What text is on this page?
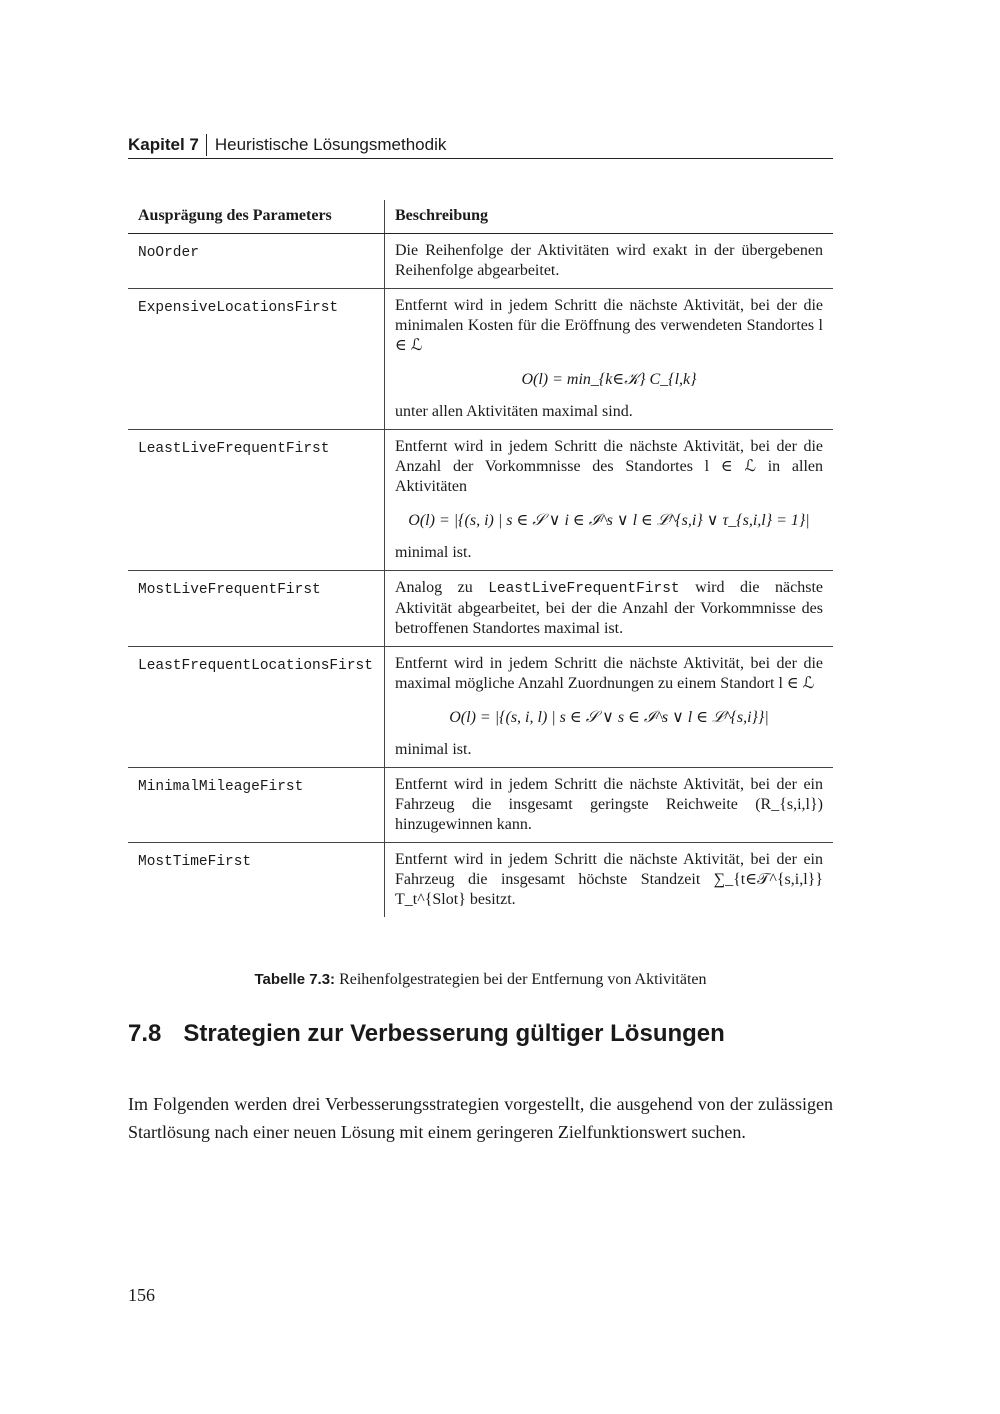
Kapitel 7 Heuristische Lösungsmethodik
Ausprägung des Parameters	Beschreibung
NoOrder	Die Reihenfolge der Aktivitäten wird exakt in der übergebenen Reihenfolge abgearbeitet.
ExpensiveLocationsFirst	Entfernt wird in jedem Schritt die nächste Aktivität, bei der die minimalen Kosten für die Eröffnung des verwendeten Standortes l ∈ ℒ
O(l) = min_{k∈𝒦} C_{l,k}
unter allen Aktivitäten maximal sind.
LeastLiveFrequentFirst	Entfernt wird in jedem Schritt die nächste Aktivität, bei der die Anzahl der Vorkommnisse des Standortes l ∈ ℒ in allen Aktivitäten
O(l) = |{(s, i) | s ∈ 𝒮 ∨ i ∈ ℐ^s ∨ l ∈ ℒ^{s,i} ∨ τ_{s,i,l} = 1}|
minimal ist.
MostLiveFrequentFirst	Analog zu LeastLiveFrequentFirst wird die nächste Aktivität abgearbeitet, bei der die Anzahl der Vorkommnisse des betroffenen Standortes maximal ist.
LeastFrequentLocationsFirst	Entfernt wird in jedem Schritt die nächste Aktivität, bei der die maximal mögliche Anzahl Zuordnungen zu einem Standort l ∈ ℒ
O(l) = |{(s, i, l) | s ∈ 𝒮 ∨ s ∈ ℐ^s ∨ l ∈ ℒ^{s,i}}|
minimal ist.
MinimalMileageFirst	Entfernt wird in jedem Schritt die nächste Aktivität, bei der ein Fahrzeug die insgesamt geringste Reichweite (R_{s,i,l}) hinzugewinnen kann.
MostTimeFirst	Entfernt wird in jedem Schritt die nächste Aktivität, bei der ein Fahrzeug die insgesamt höchste Standzeit ∑_{t∈𝒯^{s,i,l}} T_t^{Slot} besitzt.
Tabelle 7.3: Reihenfolgestrategien bei der Entfernung von Aktivitäten
7.8 Strategien zur Verbesserung gültiger Lösungen
Im Folgenden werden drei Verbesserungsstrategien vorgestellt, die ausgehend von der zulässigen Startlösung nach einer neuen Lösung mit einem geringeren Zielfunktionswert suchen.
156
